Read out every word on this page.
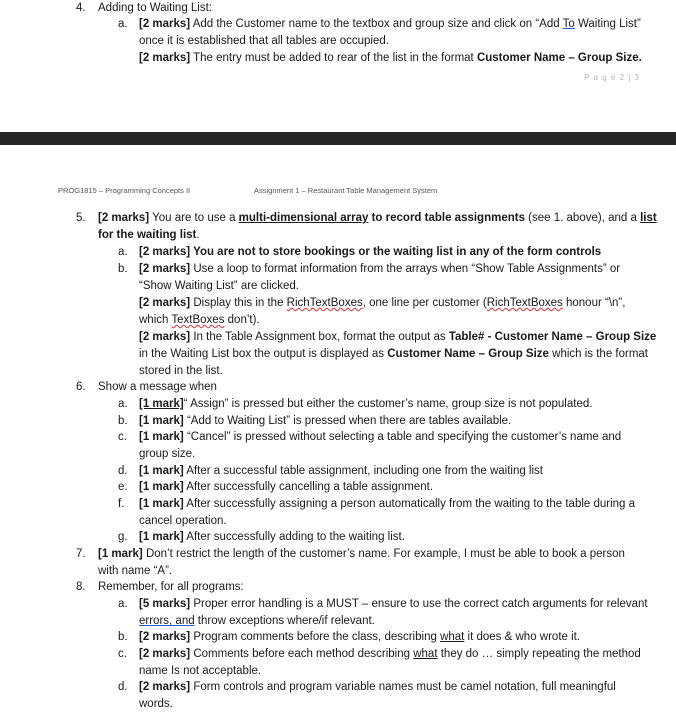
4. Adding to Waiting List:
a. [2 marks] Add the Customer name to the textbox and group size and click on “Add To Waiting List”
once it is established that all tables are occupied.
[2 marks] The entry must be added to rear of the list in the format Customer Name – Group Size.
P a g e 2 | 3
PROG1815 – Programming Concepts II	Assignment 1 – Restaurant Table Management System
5. [2 marks] You are to use a multi-dimensional array to record table assignments (see 1. above), and a list
for the waiting list.
a. [2 marks] You are not to store bookings or the waiting list in any of the form controls
b. [2 marks] Use a loop to format information from the arrays when “Show Table Assignments” or
“Show Waiting List” are clicked.
[2 marks] Display this in the RichTextBoxes, one line per customer (RichTextBoxes honour “\n”,
which TextBoxes don’t).
[2 marks] In the Table Assignment box, format the output as Table# - Customer Name – Group Size
in the Waiting List box the output is displayed as Customer Name – Group Size which is the format
stored in the list.
6. Show a message when
a. [1 mark]“ Assign” is pressed but either the customer’s name, group size is not populated.
b. [1 mark] “Add to Waiting List” is pressed when there are tables available.
c. [1 mark] “Cancel” is pressed without selecting a table and specifying the customer’s name and
group size.
d. [1 mark] After a successful table assignment, including one from the waiting list
e. [1 mark] After successfully cancelling a table assignment.
f. [1 mark] After successfully assigning a person automatically from the waiting to the table during a
cancel operation.
g. [1 mark] After successfully adding to the waiting list.
7. [1 mark] Don’t restrict the length of the customer’s name. For example, I must be able to book a person
with name “A”.
8. Remember, for all programs:
a. [5 marks] Proper error handling is a MUST – ensure to use the correct catch arguments for relevant
errors, and throw exceptions where/if relevant.
b. [2 marks] Program comments before the class, describing what it does & who wrote it.
c. [2 marks] Comments before each method describing what they do … simply repeating the method
name Is not acceptable.
d. [2 marks] Form controls and program variable names must be camel notation, full meaningful
words.
